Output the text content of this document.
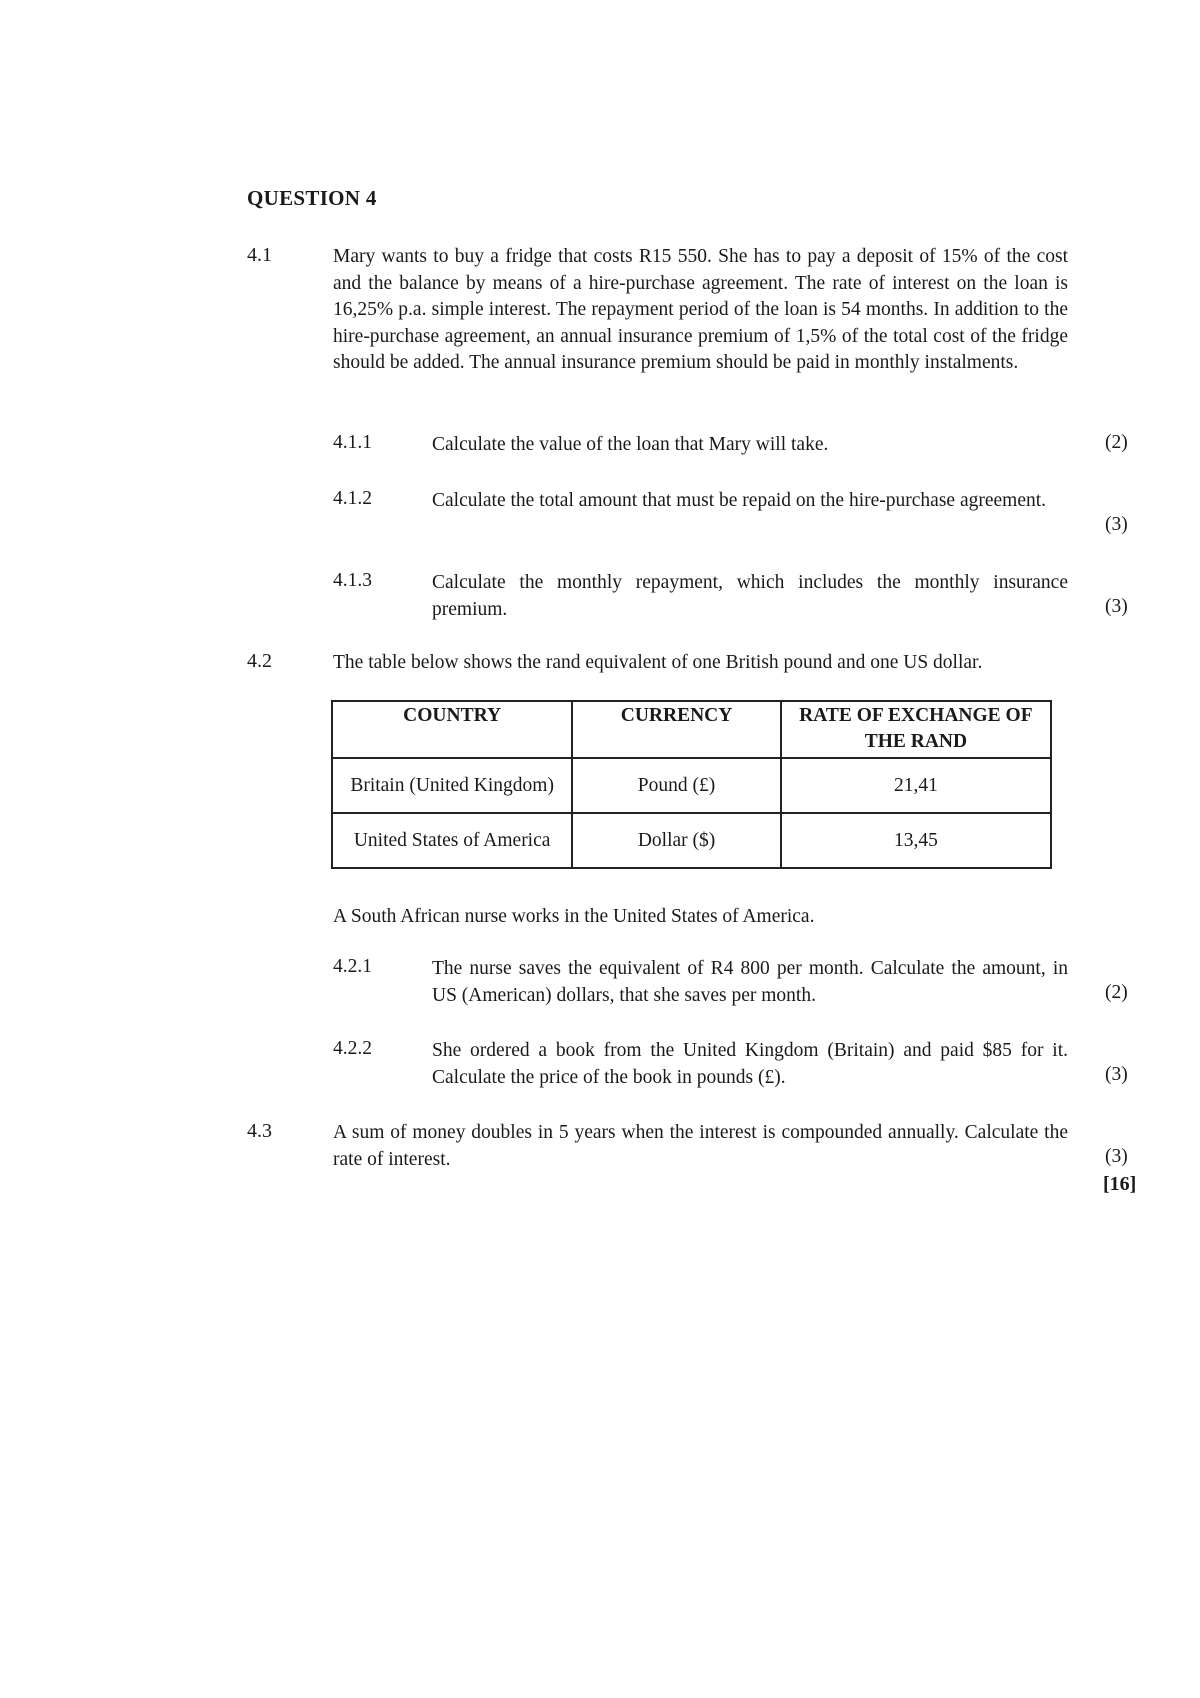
QUESTION 4
4.1	Mary wants to buy a fridge that costs R15 550. She has to pay a deposit of 15% of the cost and the balance by means of a hire-purchase agreement. The rate of interest on the loan is 16,25% p.a. simple interest. The repayment period of the loan is 54 months. In addition to the hire-purchase agreement, an annual insurance premium of 1,5% of the total cost of the fridge should be added. The annual insurance premium should be paid in monthly instalments.
4.1.1	Calculate the value of the loan that Mary will take.	(2)
4.1.2	Calculate the total amount that must be repaid on the hire-purchase agreement.
(3)
4.1.3	Calculate the monthly repayment, which includes the monthly insurance premium.	(3)
4.2	The table below shows the rand equivalent of one British pound and one US dollar.
COUNTRY	CURRENCY	RATE OF EXCHANGE OF THE RAND
Britain (United Kingdom)	Pound (£)	21,41
United States of America	Dollar ($)	13,45
A South African nurse works in the United States of America.
4.2.1	The nurse saves the equivalent of R4 800 per month. Calculate the amount, in US (American) dollars, that she saves per month.	(2)
4.2.2	She ordered a book from the United Kingdom (Britain) and paid $85 for it. Calculate the price of the book in pounds (£).	(3)
4.3	A sum of money doubles in 5 years when the interest is compounded annually. Calculate the rate of interest.	(3)
[16]
